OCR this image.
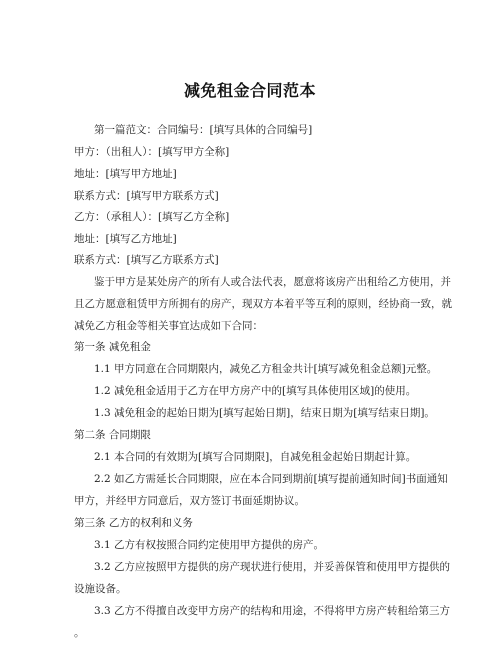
减免租金合同范本
第一篇范文：合同编号：[填写具体的合同编号]
甲方：（出租人）：[填写甲方全称]
地址：[填写甲方地址]
联系方式：[填写甲方联系方式]
乙方：（承租人）：[填写乙方全称]
地址：[填写乙方地址]
联系方式：[填写乙方联系方式]
鉴于甲方是某处房产的所有人或合法代表，愿意将该房产出租给乙方使用，并
且乙方愿意租赁甲方所拥有的房产，现双方本着平等互利的原则，经协商一致，就
减免乙方租金等相关事宜达成如下合同：
第一条 减免租金
1.1 甲方同意在合同期限内，减免乙方租金共计[填写减免租金总额]元整。
1.2 减免租金适用于乙方在甲方房产中的[填写具体使用区域]的使用。
1.3 减免租金的起始日期为[填写起始日期]，结束日期为[填写结束日期]。
第二条 合同期限
2.1 本合同的有效期为[填写合同期限]，自减免租金起始日期起计算。
2.2 如乙方需延长合同期限，应在本合同到期前[填写提前通知时间]书面通知
甲方，并经甲方同意后，双方签订书面延期协议。
第三条 乙方的权利和义务
3.1 乙方有权按照合同约定使用甲方提供的房产。
3.2 乙方应按照甲方提供的房产现状进行使用，并妥善保管和使用甲方提供的
设施设备。
3.3 乙方不得擅自改变甲方房产的结构和用途，不得将甲方房产转租给第三方
。
